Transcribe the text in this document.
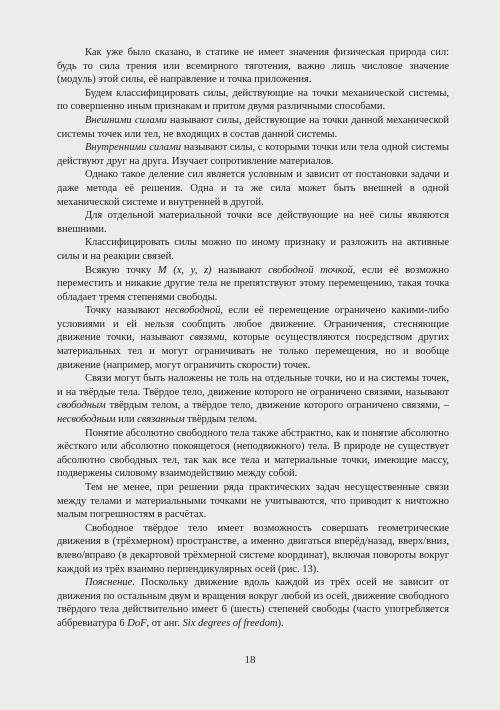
Как уже было сказано, в статике не имеет значения физическая природа сил: будь то сила трения или всемирного тяготения, важно лишь числовое значение (модуль) этой силы, её направление и точка приложения.

Будем классифицировать силы, действующие на точки механической системы, по совершенно иным признакам и притом двумя различными способами.

Внешними силами называют силы, действующие на точки данной механической системы точек или тел, не входящих в состав данной системы.

Внутренними силами называют силы, с которыми точки или тела одной системы действуют друг на друга. Изучает сопротивление материалов.

Однако такое деление сил является условным и зависит от постановки задачи и даже метода её решения. Одна и та же сила может быть внешней в одной механической системе и внутренней в другой.

Для отдельной материальной точки все действующие на неё силы являются внешними.

Классифицировать силы можно по иному признаку и разложить на активные силы и на реакции связей.

Всякую точку M (x, y, z) называют свободной точкой, если её возможно переместить и никакие другие тела не препятствуют этому перемещению, такая точка обладает тремя степенями свободы.

Точку называют несвободной, если её перемещение ограничено какими-либо условиями и ей нельзя сообщить любое движение. Ограничения, стесняющие движение точки, называют связями, которые осуществляются посредством других материальных тел и могут ограничивать не только перемещения, но и вообще движение (например, могут ограничить скорости) точек.

Связи могут быть наложены не толь на отдельные точки, но и на системы точек, и на твёрдые тела. Твёрдое тело, движение которого не ограничено связями, называют свободным твёрдым телом, а твёрдое тело, движение которого ограничено связями, – несвободным или связанным твёрдым телом.

Понятие абсолютно свободного тела также абстрактно, как и понятие абсолютно жёсткого или абсолютно покоящегося (неподвижного) тела. В природе не существует абсолютно свободных тел, так как все тела и материальные точки, имеющие массу, подвержены силовому взаимодействию между собой.

Тем не менее, при решении ряда практических задач несущественные связи между телами и материальными точками не учитываются, что приводит к ничтожно малым погрешностям в расчётах.

Свободное твёрдое тело имеет возможность совершать геометрические движения в (трёхмерном) пространстве, а именно двигаться вперёд/назад, вверх/вниз, влево/вправо (в декартовой трёхмерной системе координат), включая повороты вокруг каждой из трёх взаимно перпендикулярных осей (рис. 13).

Пояснение. Поскольку движение вдоль каждой из трёх осей не зависит от движения по остальным двум и вращения вокруг любой из осей, движение свободного твёрдого тела действительно имеет 6 (шесть) степеней свободы (часто употребляется аббревиатура 6 DoF, от анг. Six degrees of freedom).

18
